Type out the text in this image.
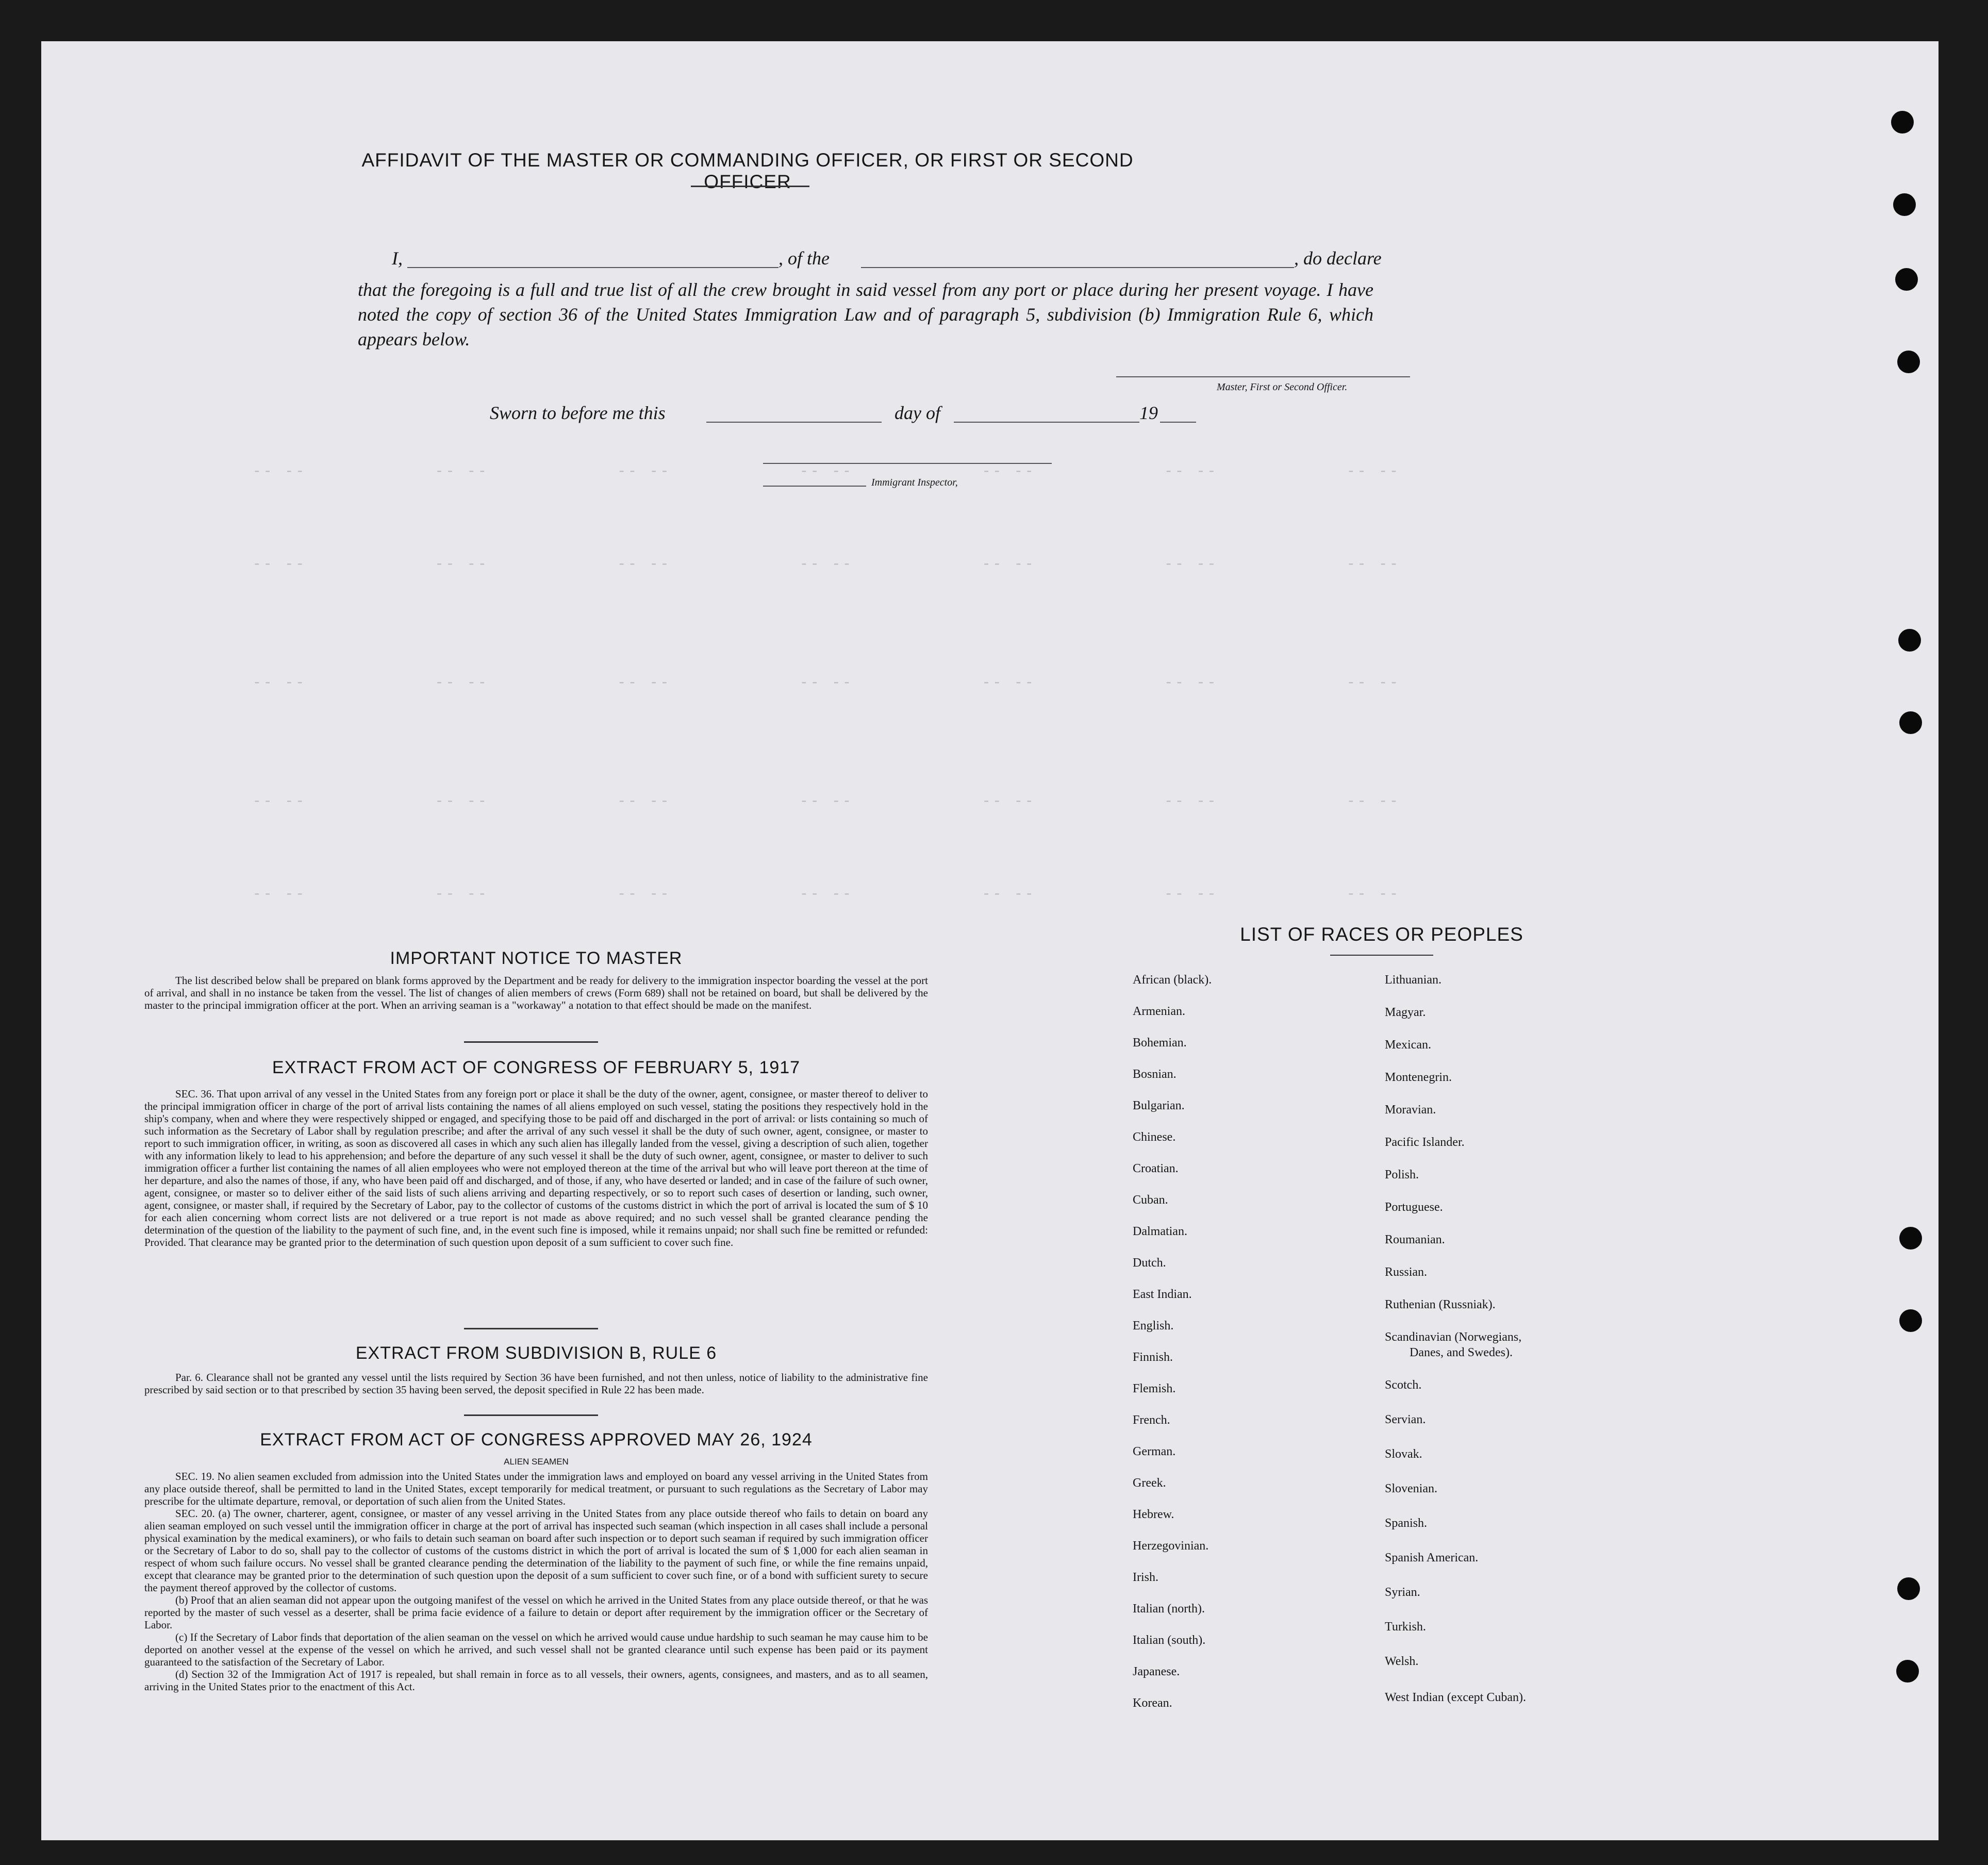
-- --            -- --            -- --            -- --            -- --            -- --            -- --
-- --            -- --            -- --            -- --            -- --            -- --            -- --
-- --            -- --            -- --            -- --            -- --            -- --            -- --
-- --            -- --            -- --            -- --            -- --            -- --            -- --
-- --            -- --            -- --            -- --            -- --            -- --            -- --
AFFIDAVIT OF THE MASTER OR COMMANDING OFFICER, OR FIRST OR SECOND OFFICER
I,	, of the	, do declare
that the foregoing is a full and true list of all the crew brought in said vessel from any port or place during her present voyage. I have noted the copy of section 36 of the United States Immigration Law and of paragraph 5, subdivision (b) Immigration Rule 6, which appears below.
Master, First or Second Officer.
Sworn to before me this	day of	19
Immigrant Inspector,
IMPORTANT NOTICE TO MASTER
The list described below shall be prepared on blank forms approved by the Department and be ready for delivery to the immigration inspector boarding the vessel at the port of arrival, and shall in no instance be taken from the vessel. The list of changes of alien members of crews (Form 689) shall not be retained on board, but shall be delivered by the master to the principal immigration officer at the port. When an arriving seaman is a "workaway" a notation to that effect should be made on the manifest.
EXTRACT FROM ACT OF CONGRESS OF FEBRUARY 5, 1917
SEC. 36. That upon arrival of any vessel in the United States from any foreign port or place it shall be the duty of the owner, agent, consignee, or master thereof to deliver to the principal immigration officer in charge of the port of arrival lists containing the names of all aliens employed on such vessel, stating the positions they respectively hold in the ship's company, when and where they were respectively shipped or engaged, and specifying those to be paid off and discharged in the port of arrival: or lists containing so much of such information as the Secretary of Labor shall by regulation prescribe; and after the arrival of any such vessel it shall be the duty of such owner, agent, consignee, or master to report to such immigration officer, in writing, as soon as discovered all cases in which any such alien has illegally landed from the vessel, giving a description of such alien, together with any information likely to lead to his apprehension; and before the departure of any such vessel it shall be the duty of such owner, agent, consignee, or master to deliver to such immigration officer a further list containing the names of all alien employees who were not employed thereon at the time of the arrival but who will leave port thereon at the time of her departure, and also the names of those, if any, who have been paid off and discharged, and of those, if any, who have deserted or landed; and in case of the failure of such owner, agent, consignee, or master so to deliver either of the said lists of such aliens arriving and departing respectively, or so to report such cases of desertion or landing, such owner, agent, consignee, or master shall, if required by the Secretary of Labor, pay to the collector of customs of the customs district in which the port of arrival is located the sum of $ 10 for each alien concerning whom correct lists are not delivered or a true report is not made as above required; and no such vessel shall be granted clearance pending the determination of the question of the liability to the payment of such fine, and, in the event such fine is imposed, while it remains unpaid; nor shall such fine be remitted or refunded: Provided. That clearance may be granted prior to the determination of such question upon deposit of a sum sufficient to cover such fine.
EXTRACT FROM SUBDIVISION B, RULE 6
Par. 6. Clearance shall not be granted any vessel until the lists required by Section 36 have been furnished, and not then unless, notice of liability to the administrative fine prescribed by said section or to that prescribed by section 35 having been served, the deposit specified in Rule 22 has been made.
EXTRACT FROM ACT OF CONGRESS APPROVED MAY 26, 1924
ALIEN SEAMEN

SEC. 19. No alien seamen excluded from admission into the United States under the immigration laws and employed on board any vessel arriving in the United States from any place outside thereof, shall be permitted to land in the United States, except temporarily for medical treatment, or pursuant to such regulations as the Secretary of Labor may prescribe for the ultimate departure, removal, or deportation of such alien from the United States.

SEC. 20. (a) The owner, charterer, agent, consignee, or master of any vessel arriving in the United States from any place outside thereof who fails to detain on board any alien seaman employed on such vessel until the immigration officer in charge at the port of arrival has inspected such seaman (which inspection in all cases shall include a personal physical examination by the medical examiners), or who fails to detain such seaman on board after such inspection or to deport such seaman if required by such immigration officer or the Secretary of Labor to do so, shall pay to the collector of customs of the customs district in which the port of arrival is located the sum of $ 1,000 for each alien seaman in respect of whom such failure occurs. No vessel shall be granted clearance pending the determination of the liability to the payment of such fine, or while the fine remains unpaid, except that clearance may be granted prior to the determination of such question upon the deposit of a sum sufficient to cover such fine, or of a bond with sufficient surety to secure the payment thereof approved by the collector of customs.

(b) Proof that an alien seaman did not appear upon the outgoing manifest of the vessel on which he arrived in the United States from any place outside thereof, or that he was reported by the master of such vessel as a deserter, shall be prima facie evidence of a failure to detain or deport after requirement by the immigration officer or the Secretary of Labor.

(c) If the Secretary of Labor finds that deportation of the alien seaman on the vessel on which he arrived would cause undue hardship to such seaman he may cause him to be deported on another vessel at the expense of the vessel on which he arrived, and such vessel shall not be granted clearance until such expense has been paid or its payment guaranteed to the satisfaction of the Secretary of Labor.

(d) Section 32 of the Immigration Act of 1917 is repealed, but shall remain in force as to all vessels, their owners, agents, consignees, and masters, and as to all seamen, arriving in the United States prior to the enactment of this Act.

LIST OF RACES OR PEOPLES
African (black).
Armenian.
Bohemian.
Bosnian.
Bulgarian.
Chinese.
Croatian.
Cuban.
Dalmatian.
Dutch.
East Indian.
English.
Finnish.
Flemish.
French.
German.
Greek.
Hebrew.
Herzegovinian.
Irish.
Italian (north).
Italian (south).
Japanese.
Korean.
Lithuanian.
Magyar.
Mexican.
Montenegrin.
Moravian.
Pacific Islander.
Polish.
Portuguese.
Roumanian.
Russian.
Ruthenian (Russniak).
Scandinavian (Norwegians,
Danes, and Swedes).
Scotch.
Servian.
Slovak.
Slovenian.
Spanish.
Spanish American.
Syrian.
Turkish.
Welsh.
West Indian (except Cuban).
